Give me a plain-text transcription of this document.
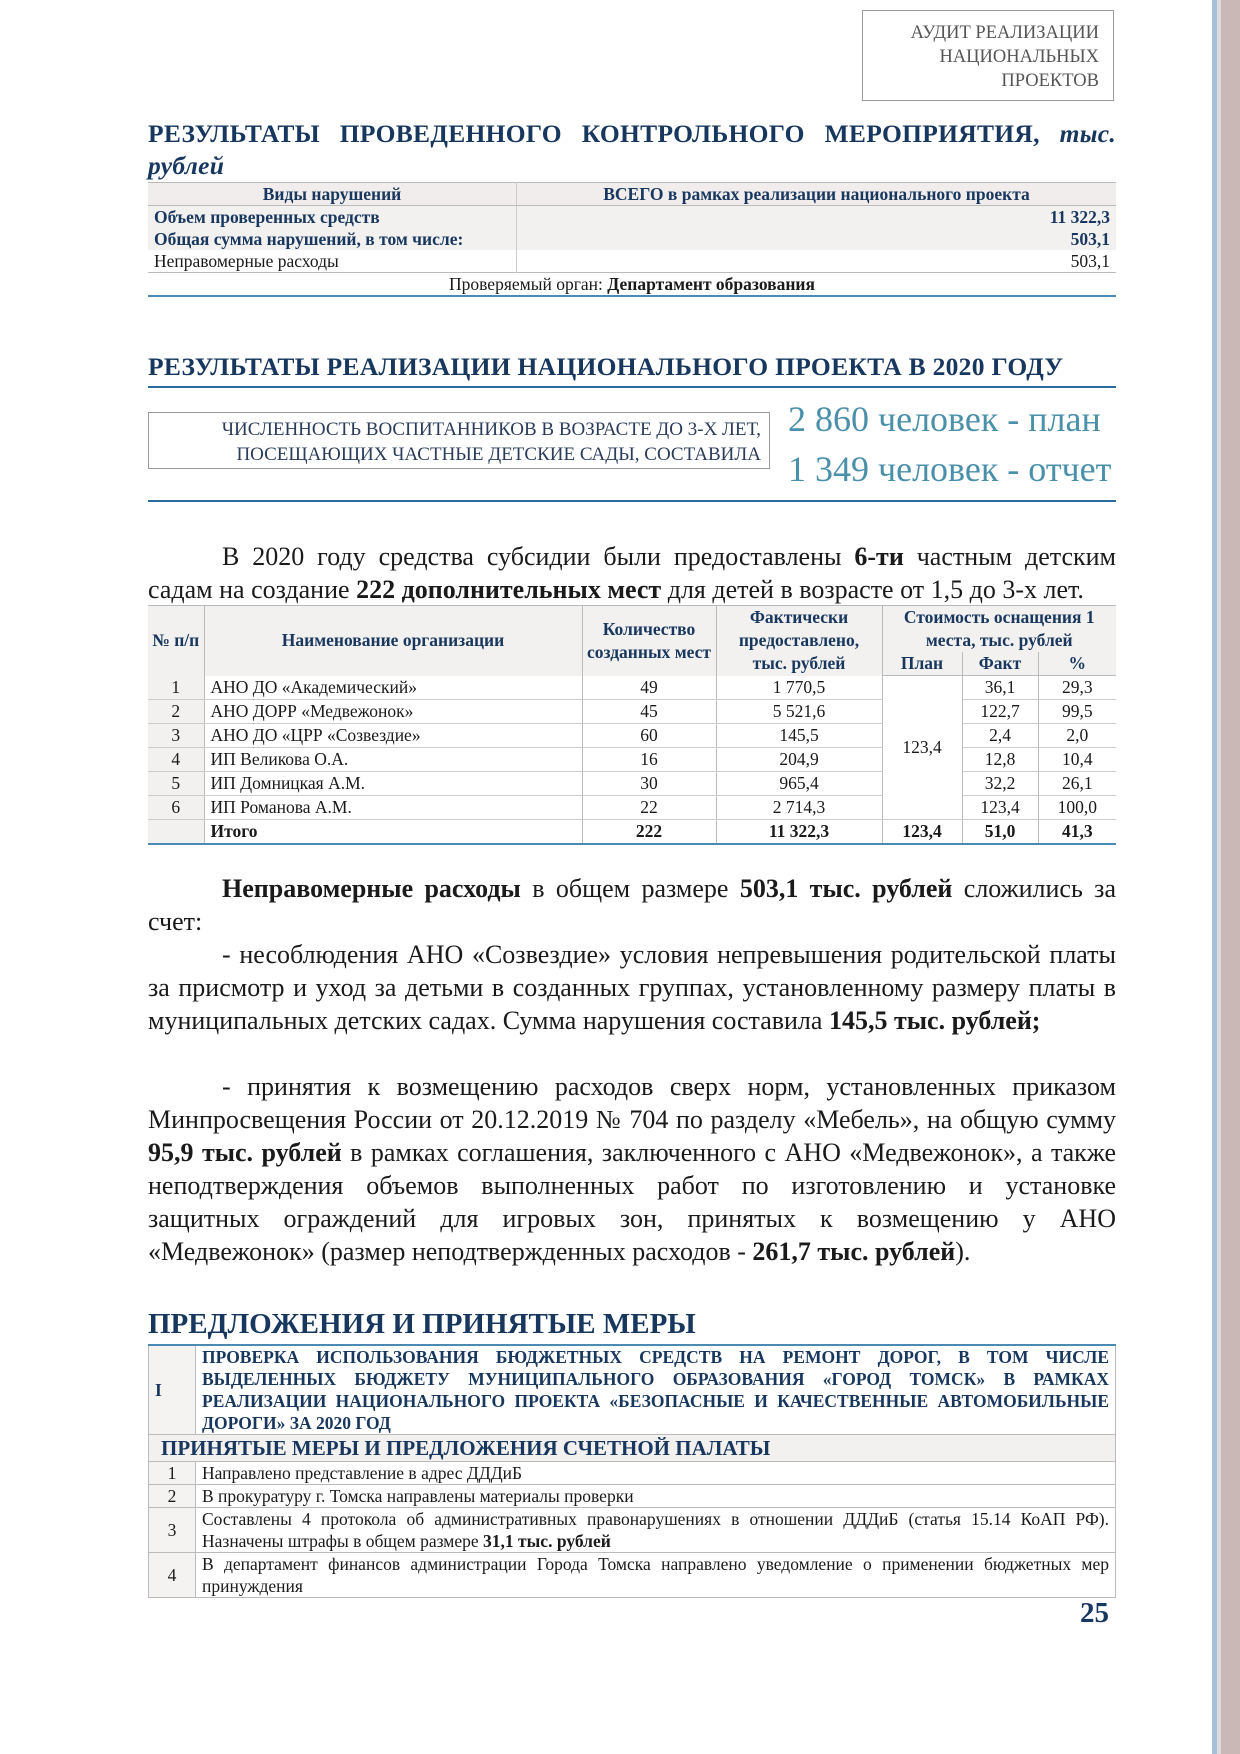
АУДИТ РЕАЛИЗАЦИИ
НАЦИОНАЛЬНЫХ
ПРОЕКТОВ
РЕЗУЛЬТАТЫ ПРОВЕДЕННОГО КОНТРОЛЬНОГО МЕРОПРИЯТИЯ, тыс. рублей
Виды нарушений	ВСЕГО в рамках реализации национального проекта
Объем проверенных средств	11 322,3
Общая сумма нарушений, в том числе:	503,1
Неправомерные расходы	503,1
Проверяемый орган: Департамент образования	
РЕЗУЛЬТАТЫ РЕАЛИЗАЦИИ НАЦИОНАЛЬНОГО ПРОЕКТА В 2020 ГОДУ
ЧИСЛЕННОСТЬ ВОСПИТАННИКОВ В ВОЗРАСТЕ ДО 3-Х ЛЕТ,
ПОСЕЩАЮЩИХ ЧАСТНЫЕ ДЕТСКИЕ САДЫ, СОСТАВИЛА
2 860 человек - план
1 349 человек - отчет
В 2020 году средства субсидии были предоставлены 6-ти частным детским садам на создание 222 дополнительных мест для детей в возрасте от 1,5 до 3-х лет.
№ п/п	Наименование организации	Количество созданных мест	Фактически предоставлено, тыс. рублей	Стоимость оснащения 1 места, тыс. рублей		

				План	Факт	%
1	АНО ДО «Академический»	49	1 770,5	123,4	36,1	29,3
2	АНО ДОРР «Медвежонок»	45	5 521,6		122,7	99,5
3	АНО ДО «ЦРР «Созвездие»	60	145,5		2,4	2,0
4	ИП Великова О.А.	16	204,9		12,8	10,4
5	ИП Домницкая А.М.	30	965,4		32,2	26,1
6	ИП Романова А.М.	22	2 714,3		123,4	100,0
	Итого	222	11 322,3	123,4	51,0	41,3
Неправомерные расходы в общем размере 503,1 тыс. рублей сложились за счет:
- несоблюдения АНО «Созвездие» условия непревышения родительской платы за присмотр и уход за детьми в созданных группах, установленному размеру платы в муниципальных детских садах. Сумма нарушения составила 145,5 тыс. рублей;
- принятия к возмещению расходов сверх норм, установленных приказом Минпросвещения России от 20.12.2019 № 704 по разделу «Мебель», на общую сумму 95,9 тыс. рублей в рамках соглашения, заключенного с АНО «Медвежонок», а также неподтверждения объемов выполненных работ по изготовлению и установке защитных ограждений для игровых зон, принятых к возмещению у АНО «Медвежонок» (размер неподтвержденных расходов - 261,7 тыс. рублей).
ПРЕДЛОЖЕНИЯ И ПРИНЯТЫЕ МЕРЫ
I	ПРОВЕРКА ИСПОЛЬЗОВАНИЯ БЮДЖЕТНЫХ СРЕДСТВ НА РЕМОНТ ДОРОГ, В ТОМ ЧИСЛЕ ВЫДЕЛЕННЫХ БЮДЖЕТУ МУНИЦИПАЛЬНОГО ОБРАЗОВАНИЯ «ГОРОД ТОМСК» В РАМКАХ РЕАЛИЗАЦИИ НАЦИОНАЛЬНОГО ПРОЕКТА «БЕЗОПАСНЫЕ И КАЧЕСТВЕННЫЕ АВТОМОБИЛЬНЫЕ ДОРОГИ» ЗА 2020 ГОД
ПРИНЯТЫЕ МЕРЫ И ПРЕДЛОЖЕНИЯ СЧЕТНОЙ ПАЛАТЫ	
1	Направлено представление в адрес ДДДиБ
2	В прокуратуру г. Томска направлены материалы проверки
3	Составлены 4 протокола об административных правонарушениях в отношении ДДДиБ (статья 15.14 КоАП РФ). Назначены штрафы в общем размере 31,1 тыс. рублей
4	В департамент финансов администрации Города Томска направлено уведомление о применении бюджетных мер принуждения
25
